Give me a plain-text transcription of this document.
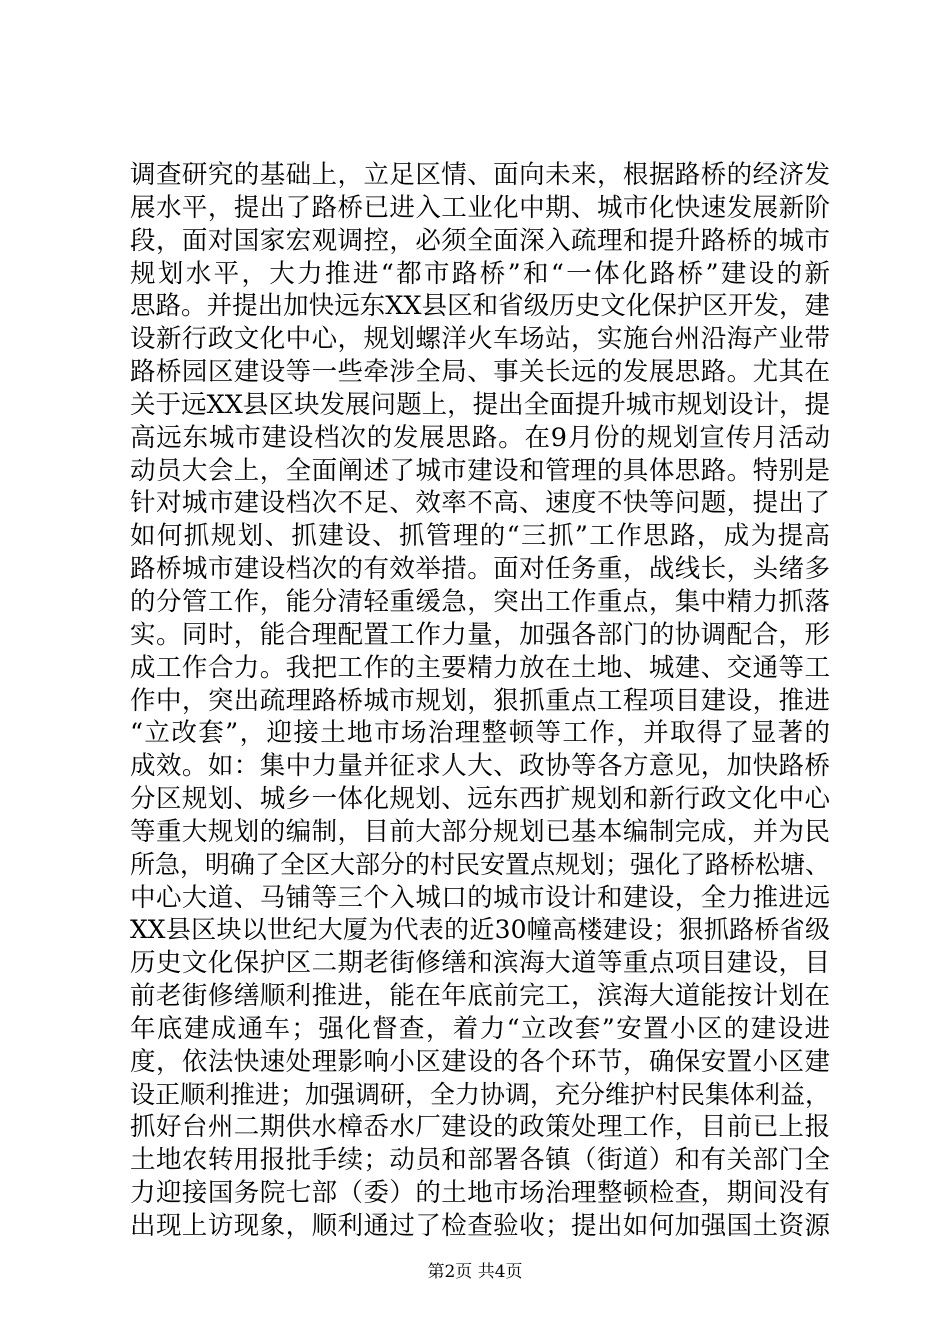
调查研究的基础上，立足区情、面向未来，根据路桥的经济发
展水平，提出了路桥已进入工业化中期、城市化快速发展新阶
段，面对国家宏观调控，必须全面深入疏理和提升路桥的城市
规划水平，大力推进“都市路桥”和“一体化路桥”建设的新
思路。并提出加快远东XX县区和省级历史文化保护区开发，建
设新行政文化中心，规划螺洋火车场站，实施台州沿海产业带
路桥园区建设等一些牵涉全局、事关长远的发展思路。尤其在
关于远XX县区块发展问题上，提出全面提升城市规划设计，提
高远东城市建设档次的发展思路。在9月份的规划宣传月活动
动员大会上，全面阐述了城市建设和管理的具体思路。特别是
针对城市建设档次不足、效率不高、速度不快等问题，提出了
如何抓规划、抓建设、抓管理的“三抓”工作思路，成为提高
路桥城市建设档次的有效举措。面对任务重，战线长，头绪多
的分管工作，能分清轻重缓急，突出工作重点，集中精力抓落
实。同时，能合理配置工作力量，加强各部门的协调配合，形
成工作合力。我把工作的主要精力放在土地、城建、交通等工
作中，突出疏理路桥城市规划，狠抓重点工程项目建设，推进
“立改套”，迎接土地市场治理整顿等工作，并取得了显著的
成效。如：集中力量并征求人大、政协等各方意见，加快路桥
分区规划、城乡一体化规划、远东西扩规划和新行政文化中心
等重大规划的编制，目前大部分规划已基本编制完成，并为民
所急，明确了全区大部分的村民安置点规划；强化了路桥松塘、
中心大道、马铺等三个入城口的城市设计和建设，全力推进远
XX县区块以世纪大厦为代表的近30幢高楼建设；狠抓路桥省级
历史文化保护区二期老街修缮和滨海大道等重点项目建设，目
前老街修缮顺利推进，能在年底前完工，滨海大道能按计划在
年底建成通车；强化督查，着力“立改套”安置小区的建设进
度，依法快速处理影响小区建设的各个环节，确保安置小区建
设正顺利推进；加强调研，全力协调，充分维护村民集体利益，
抓好台州二期供水樟岙水厂建设的政策处理工作，目前已上报
土地农转用报批手续；动员和部署各镇（街道）和有关部门全
力迎接国务院七部（委）的土地市场治理整顿检查，期间没有
出现上访现象，顺利通过了检查验收；提出如何加强国土资源
第2页 共4页
